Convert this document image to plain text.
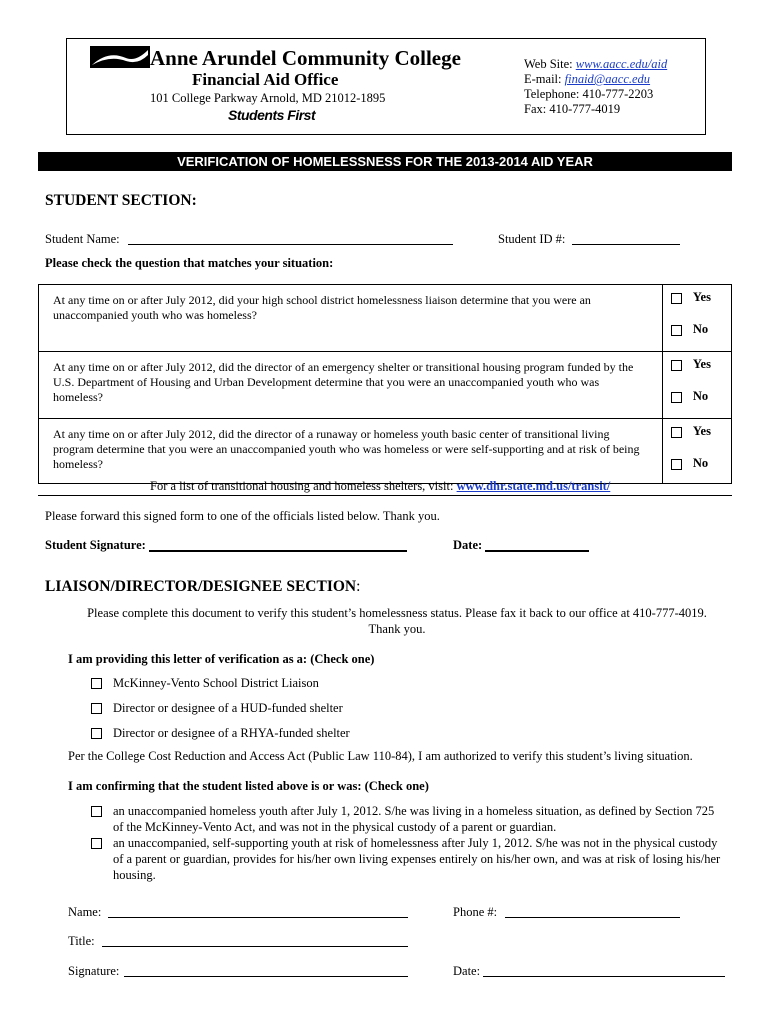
Anne Arundel Community College
Financial Aid Office
101 College Parkway Arnold, MD 21012-1895
Students First
Web Site: www.aacc.edu/aid
E-mail: finaid@aacc.edu
Telephone: 410-777-2203
Fax: 410-777-4019
VERIFICATION OF HOMELESSNESS FOR THE 2013-2014 AID YEAR
STUDENT SECTION:
Student Name:	Student ID #:
Please check the question that matches your situation:
At any time on or after July 2012, did your high school district homelessness liaison determine that you were an unaccompanied youth who was homeless?	Yes
No

At any time on or after July 2012, did the director of an emergency shelter or transitional housing program funded by the U.S. Department of Housing and Urban Development determine that you were an unaccompanied youth who was homeless?	Yes
No

At any time on or after July 2012, did the director of a runaway or homeless youth basic center of transitional living program determine that you were an unaccompanied youth who was homeless or were self-supporting and at risk of being homeless?	Yes
No
For a list of transitional housing and homeless shelters, visit: www.dhr.state.md.us/transit/
Please forward this signed form to one of the officials listed below. Thank you.
Student Signature:	Date:
LIAISON/DIRECTOR/DESIGNEE SECTION:
Please complete this document to verify this student’s homelessness status. Please fax it back to our office at 410-777-4019.
Thank you.
I am providing this letter of verification as a: (Check one)
McKinney-Vento School District Liaison
Director or designee of a HUD-funded shelter
Director or designee of a RHYA-funded shelter
Per the College Cost Reduction and Access Act (Public Law 110-84), I am authorized to verify this student’s living situation.
I am confirming that the student listed above is or was: (Check one)
an unaccompanied homeless youth after July 1, 2012. S/he was living in a homeless situation, as defined by Section 725
of the McKinney-Vento Act, and was not in the physical custody of a parent or guardian.
an unaccompanied, self-supporting youth at risk of homelessness after July 1, 2012. S/he was not in the physical custody
of a parent or guardian, provides for his/her own living expenses entirely on his/her own, and was at risk of losing his/her
housing.
Name:	Phone #:
Title:
Signature:	Date:
